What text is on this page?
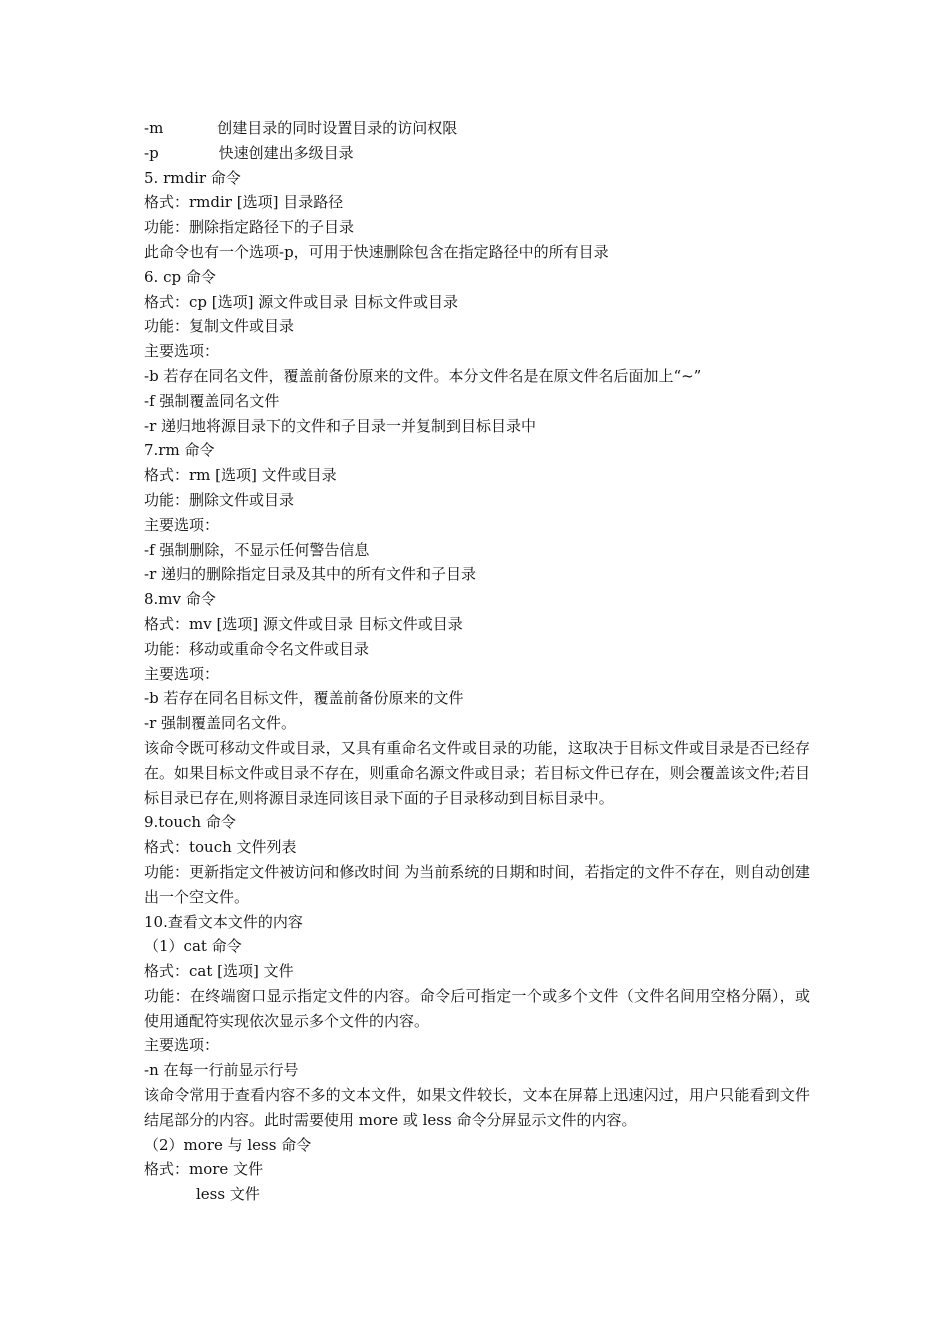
-m	创建目录的同时设置目录的访问权限
-p	快速创建出多级目录
5. rmdir 命令
格式：rmdir [选项] 目录路径
功能：删除指定路径下的子目录
此命令也有一个选项-p，可用于快速删除包含在指定路径中的所有目录
6. cp 命令
格式：cp [选项] 源文件或目录 目标文件或目录
功能：复制文件或目录
主要选项：
-b 若存在同名文件，覆盖前备份原来的文件。本分文件名是在原文件名后面加上“~”
-f 强制覆盖同名文件
-r 递归地将源目录下的文件和子目录一并复制到目标目录中
7.rm 命令
格式：rm [选项] 文件或目录
功能：删除文件或目录
主要选项：
-f 强制删除，不显示任何警告信息
-r 递归的删除指定目录及其中的所有文件和子目录
8.mv 命令
格式：mv [选项] 源文件或目录 目标文件或目录
功能：移动或重命令名文件或目录
主要选项：
-b 若存在同名目标文件，覆盖前备份原来的文件
-r 强制覆盖同名文件。
该命令既可移动文件或目录，又具有重命名文件或目录的功能，这取决于目标文件或目录是否已经存在。如果目标文件或目录不存在，则重命名源文件或目录；若目标文件已存在，则会覆盖该文件;若目标目录已存在,则将源目录连同该目录下面的子目录移动到目标目录中。
9.touch 命令
格式：touch 文件列表
功能：更新指定文件被访问和修改时间 为当前系统的日期和时间，若指定的文件不存在，则自动创建出一个空文件。
10.查看文本文件的内容
（1）cat 命令
格式：cat [选项] 文件
功能：在终端窗口显示指定文件的内容。命令后可指定一个或多个文件（文件名间用空格分隔），或使用通配符实现依次显示多个文件的内容。
主要选项：
-n 在每一行前显示行号
该命令常用于查看内容不多的文本文件，如果文件较长，文本在屏幕上迅速闪过，用户只能看到文件结尾部分的内容。此时需要使用 more 或 less 命令分屏显示文件的内容。
（2）more 与 less 命令
格式：more 文件
less 文件
